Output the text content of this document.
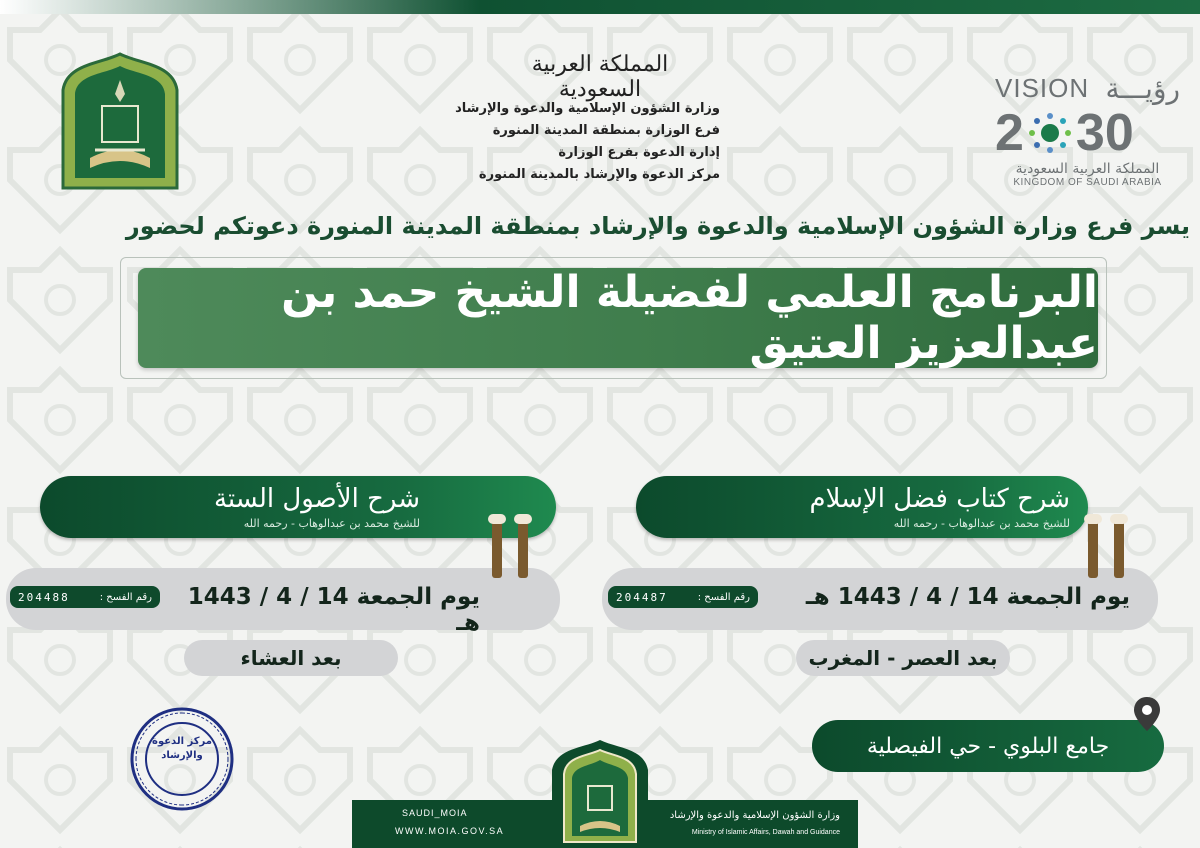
VISION رؤيـــة
2 30
المملكة العربية السعودية
KINGDOM OF SAUDI ARABIA
المملكة العربية السعودية
وزارة الشؤون الإسلامية والدعوة والإرشاد
فرع الوزارة بمنطقة المدينة المنورة
إدارة الدعوة بفرع الوزارة
مركز الدعوة والإرشاد بالمدينة المنورة
يسر فرع وزارة الشؤون الإسلامية والدعوة والإرشاد بمنطقة المدينة المنورة دعوتكم لحضور
البرنامج العلمي لفضيلة الشيخ حمد بن عبدالعزيز العتيق
شرح كتاب فضل الإسلام
للشيخ محمد بن عبدالوهاب - رحمه الله
يوم الجمعة 14 / 4 / 1443 هـ
رقم الفسح :
204487
بعد العصر - المغرب
شرح الأصول الستة
للشيخ محمد بن عبدالوهاب - رحمه الله
يوم الجمعة 14 / 4 / 1443 هـ
رقم الفسح :
204488
بعد العشاء
جامع البلوي - حي الفيصلية
مركز الدعوة
والإرشاد
SAUDI_MOIA
WWW.MOIA.GOV.SA
وزارة الشؤون الإسلامية والدعوة والإرشاد
Ministry of Islamic Affairs, Dawah and Guidance
